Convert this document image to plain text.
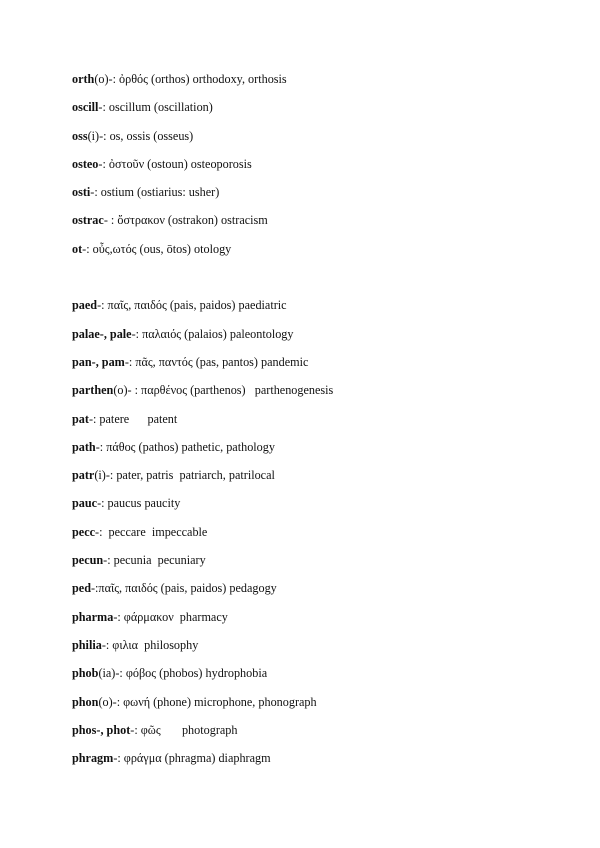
orth(o)-: ὀρθός (orthos) orthodoxy, orthosis
oscill-: oscillum (oscillation)
oss(i)-: os, ossis (osseus)
osteo-: ὀστοῦν (ostoun) osteoporosis
osti-: ostium (ostiarius: usher)
ostrac- : ὄστρακον (ostrakon) ostracism
ot-: οὖς,ωτός (ous, ōtos) otology
paed-: παῖς, παιδός (pais, paidos) paediatric
palae-, pale-: παλαιός (palaios) paleontology
pan-, pam-: πᾶς, παντός (pas, pantos) pandemic
parthen(o)- : παρθένος (parthenos)   parthenogenesis
pat-: patere      patent
path-: πάθος (pathos) pathetic, pathology
patr(i)-: pater, patris  patriarch, patrilocal
pauc-: paucus paucity
pecc-:  peccare  impeccable
pecun-: pecunia  pecuniary
ped-:παῖς, παιδός (pais, paidos) pedagogy
pharma-: φάρμακον  pharmacy
philia-: φιλια  philosophy
phob(ia)-: φόβος (phobos) hydrophobia
phon(o)-: φωνή (phone) microphone, phonograph
phos-, phot-: φῶς       photograph
phragm-: φράγμα (phragma) diaphragm
